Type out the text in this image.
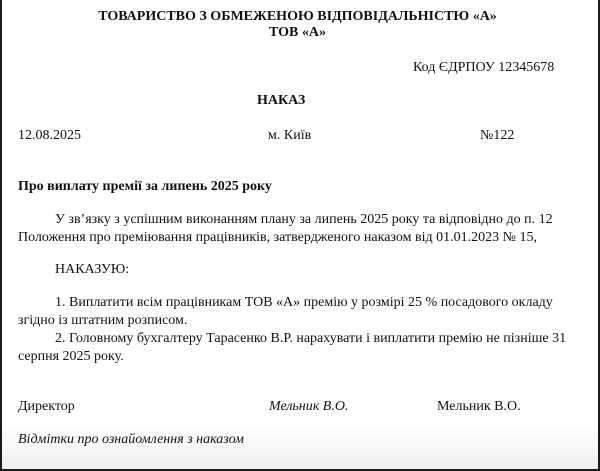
ТОВАРИСТВО З ОБМЕЖЕНОЮ ВІДПОВІДАЛЬНІСТЮ «А»
ТОВ «А»
Код ЄДРПОУ 12345678
НАКАЗ
12.08.2025	м. Київ	№122
Про виплату премії за липень 2025 року
У зв’язку з успішним виконанням плану за липень 2025 року та відповідно до п. 12
Положення про преміювання працівників, затвердженого наказом від 01.01.2023 № 15,
НАКАЗУЮ:
1. Виплатити всім працівникам ТОВ «А» премію у розмірі 25 % посадового окладу
згідно із штатним розписом.
2. Головному бухгалтеру Тарасенко В.Р. нарахувати і виплатити премію не пізніше 31
серпня 2025 року.
Директор	Мельник В.О.	Мельник В.О.
Відмітки про ознайомлення з наказом
